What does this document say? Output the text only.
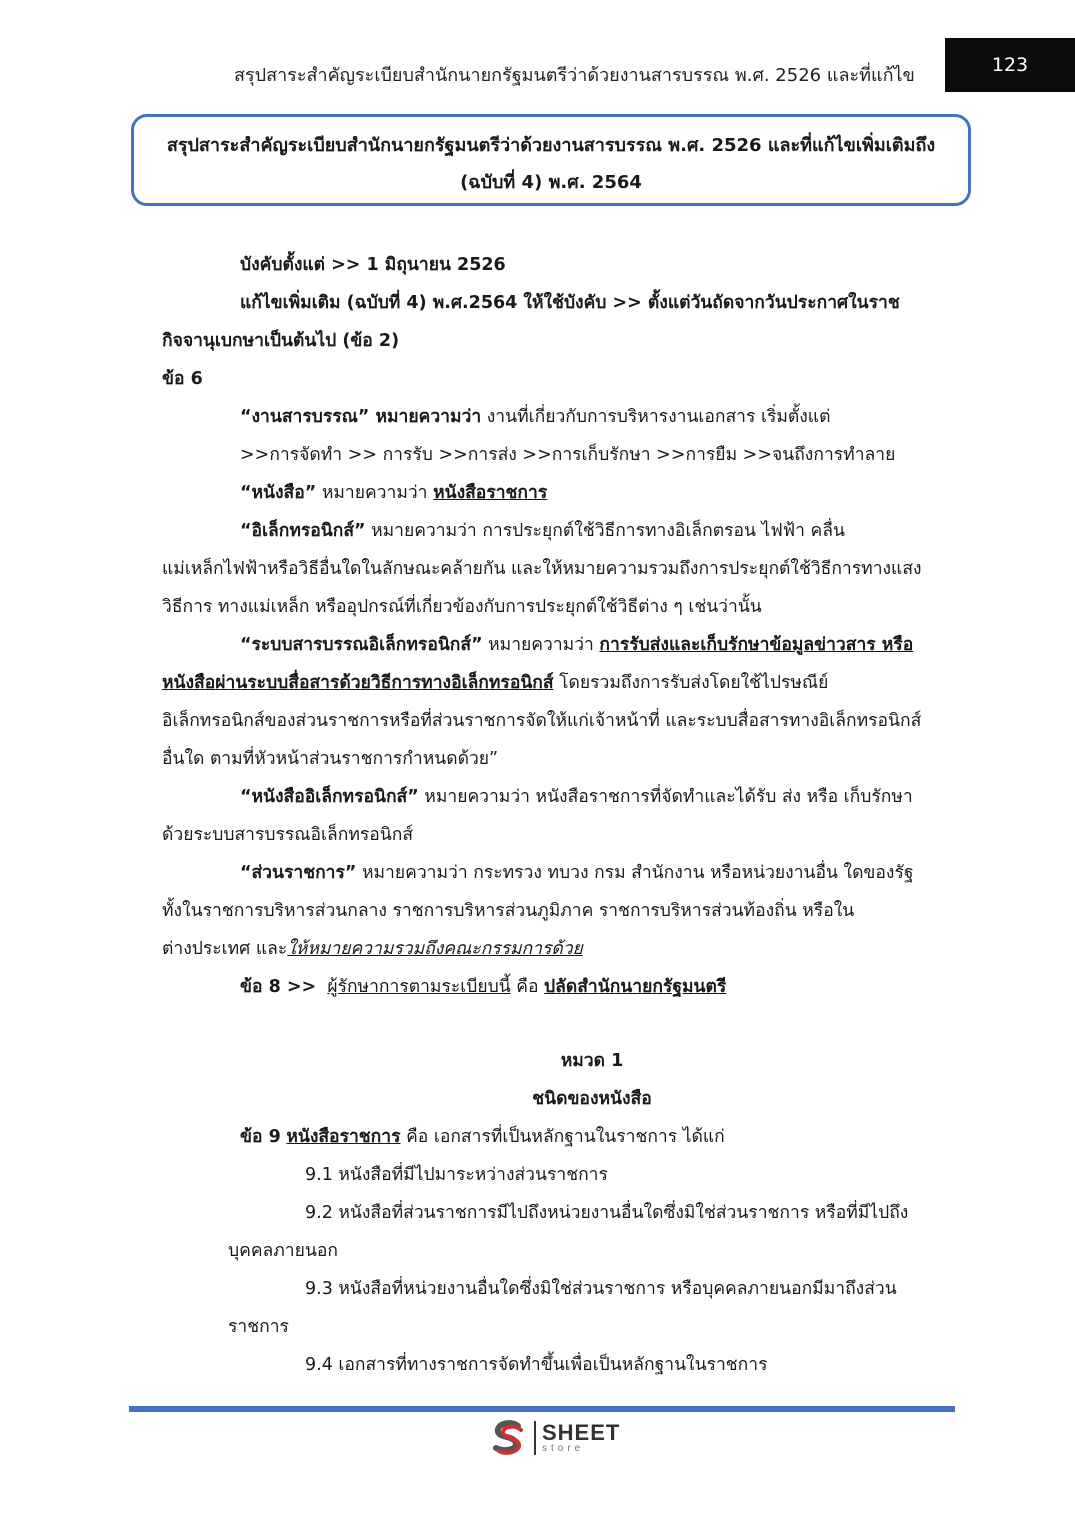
สรุปสาระสำคัญระเบียบสำนักนายกรัฐมนตรีว่าด้วยงานสารบรรณ พ.ศ. 2526 และที่แก้ไข	123
สรุปสาระสำคัญระเบียบสำนักนายกรัฐมนตรีว่าด้วยงานสารบรรณ พ.ศ. 2526 และที่แก้ไขเพิ่มเติมถึง
(ฉบับที่ 4) พ.ศ. 2564
บังคับตั้งแต่ >> 1 มิถุนายน 2526
แก้ไขเพิ่มเติม (ฉบับที่ 4) พ.ศ.2564 ให้ใช้บังคับ >> ตั้งแต่วันถัดจากวันประกาศในราช
กิจจานุเบกษาเป็นต้นไป (ข้อ 2)
ข้อ 6
“งานสารบรรณ” หมายความว่า งานที่เกี่ยวกับการบริหารงานเอกสาร เริ่มตั้งแต่
>>การจัดทำ >> การรับ >>การส่ง >>การเก็บรักษา >>การยืม >>จนถึงการทำลาย
“หนังสือ” หมายความว่า หนังสือราชการ
“อิเล็กทรอนิกส์” หมายความว่า การประยุกต์ใช้วิธีการทางอิเล็กตรอน ไฟฟ้า คลื่น
แม่เหล็กไฟฟ้าหรือวิธีอื่นใดในลักษณะคล้ายกัน และให้หมายความรวมถึงการประยุกต์ใช้วิธีการทางแสง
วิธีการ ทางแม่เหล็ก หรืออุปกรณ์ที่เกี่ยวข้องกับการประยุกต์ใช้วิธีต่าง ๆ เช่นว่านั้น
“ระบบสารบรรณอิเล็กทรอนิกส์” หมายความว่า การรับส่งและเก็บรักษาข้อมูลข่าวสาร หรือ
หนังสือผ่านระบบสื่อสารด้วยวิธีการทางอิเล็กทรอนิกส์ โดยรวมถึงการรับส่งโดยใช้ไปรษณีย์
อิเล็กทรอนิกส์ของส่วนราชการหรือที่ส่วนราชการจัดให้แก่เจ้าหน้าที่ และระบบสื่อสารทางอิเล็กทรอนิกส์
อื่นใด ตามที่หัวหน้าส่วนราชการกำหนดด้วย”
“หนังสืออิเล็กทรอนิกส์” หมายความว่า หนังสือราชการที่จัดทำและได้รับ ส่ง หรือ เก็บรักษา
ด้วยระบบสารบรรณอิเล็กทรอนิกส์
“ส่วนราชการ” หมายความว่า กระทรวง ทบวง กรม สำนักงาน หรือหน่วยงานอื่น ใดของรัฐ
ทั้งในราชการบริหารส่วนกลาง ราชการบริหารส่วนภูมิภาค ราชการบริหารส่วนท้องถิ่น หรือใน
ต่างประเทศ และให้หมายความรวมถึงคณะกรรมการด้วย
ข้อ 8 >> ผู้รักษาการตามระเบียบนี้ คือ ปลัดสำนักนายกรัฐมนตรี
หมวด 1
ชนิดของหนังสือ
ข้อ 9 หนังสือราชการ คือ เอกสารที่เป็นหลักฐานในราชการ ได้แก่
9.1 หนังสือที่มีไปมาระหว่างส่วนราชการ
9.2 หนังสือที่ส่วนราชการมีไปถึงหน่วยงานอื่นใดซึ่งมิใช่ส่วนราชการ หรือที่มีไปถึง
บุคคลภายนอก
9.3 หนังสือที่หน่วยงานอื่นใดซึ่งมิใช่ส่วนราชการ หรือบุคคลภายนอกมีมาถึงส่วน
ราชการ
9.4 เอกสารที่ทางราชการจัดทำขึ้นเพื่อเป็นหลักฐานในราชการ
SHEET
store
